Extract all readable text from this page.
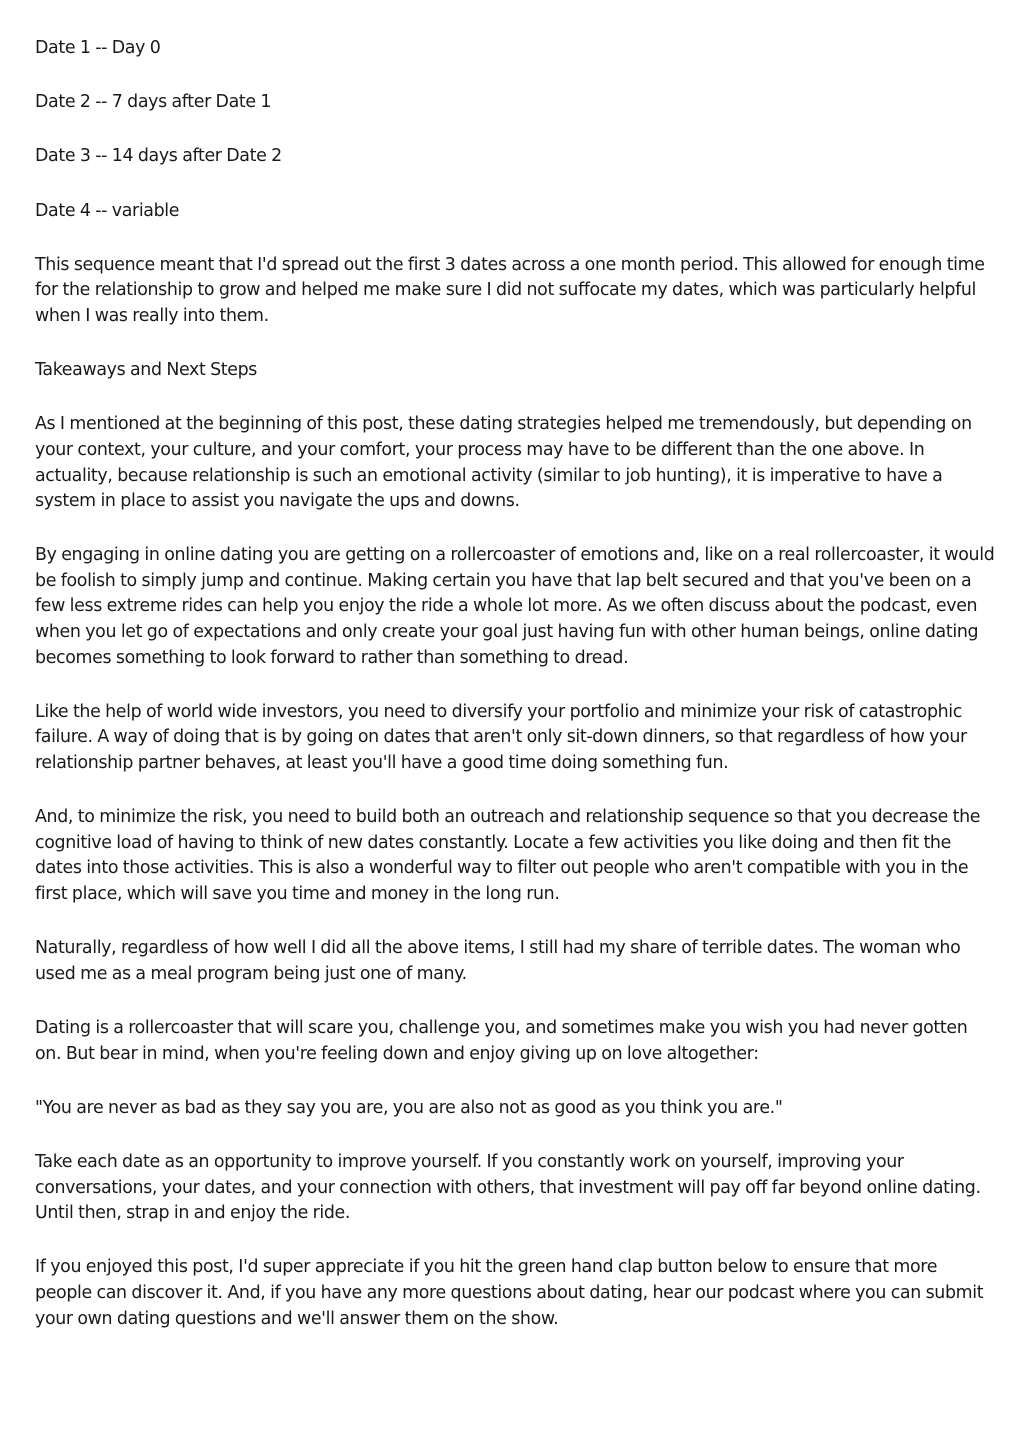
Date 1 -- Day 0

Date 2 -- 7 days after Date 1

Date 3 -- 14 days after Date 2

Date 4 -- variable

This sequence meant that I'd spread out the first 3 dates across a one month period. This allowed for enough time for the relationship to grow and helped me make sure I did not suffocate my dates, which was particularly helpful when I was really into them.

Takeaways and Next Steps

As I mentioned at the beginning of this post, these dating strategies helped me tremendously, but depending on your context, your culture, and your comfort, your process may have to be different than the one above. In actuality, because relationship is such an emotional activity (similar to job hunting), it is imperative to have a system in place to assist you navigate the ups and downs.

By engaging in online dating you are getting on a rollercoaster of emotions and, like on a real rollercoaster, it would be foolish to simply jump and continue. Making certain you have that lap belt secured and that you've been on a few less extreme rides can help you enjoy the ride a whole lot more. As we often discuss about the podcast, even when you let go of expectations and only create your goal just having fun with other human beings, online dating becomes something to look forward to rather than something to dread.

Like the help of world wide investors, you need to diversify your portfolio and minimize your risk of catastrophic failure. A way of doing that is by going on dates that aren't only sit-down dinners, so that regardless of how your relationship partner behaves, at least you'll have a good time doing something fun.

And, to minimize the risk, you need to build both an outreach and relationship sequence so that you decrease the cognitive load of having to think of new dates constantly. Locate a few activities you like doing and then fit the dates into those activities. This is also a wonderful way to filter out people who aren't compatible with you in the first place, which will save you time and money in the long run.

Naturally, regardless of how well I did all the above items, I still had my share of terrible dates. The woman who used me as a meal program being just one of many.

Dating is a rollercoaster that will scare you, challenge you, and sometimes make you wish you had never gotten on. But bear in mind, when you're feeling down and enjoy giving up on love altogether:

"You are never as bad as they say you are, you are also not as good as you think you are."

Take each date as an opportunity to improve yourself. If you constantly work on yourself, improving your conversations, your dates, and your connection with others, that investment will pay off far beyond online dating. Until then, strap in and enjoy the ride.

If you enjoyed this post, I'd super appreciate if you hit the green hand clap button below to ensure that more people can discover it. And, if you have any more questions about dating, hear our podcast where you can submit your own dating questions and we'll answer them on the show.
